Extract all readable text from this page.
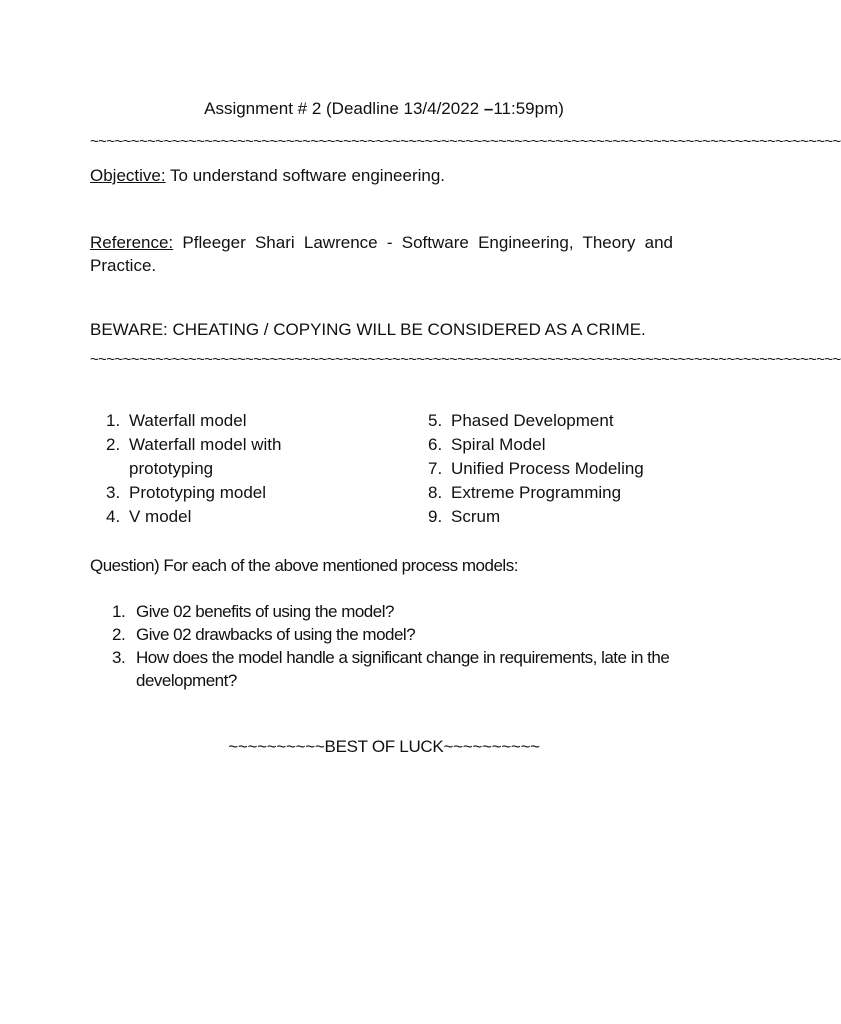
Assignment # 2 (Deadline 13/4/2022 –11:59pm)
~~~~~~~~~~~~~~~~~~~~~~~~~~~~~~~~~~~~~~~~~~~~~~~~~~~~~~~~~~~~~~~~~~~~~~~~~~~~~~~~~~~~~~~~~~~~
Objective: To understand software engineering.
Reference: Pfleeger Shari Lawrence - Software Engineering, Theory and Practice.
BEWARE: CHEATING / COPYING WILL BE CONSIDERED AS A CRIME.
~~~~~~~~~~~~~~~~~~~~~~~~~~~~~~~~~~~~~~~~~~~~~~~~~~~~~~~~~~~~~~~~~~~~~~~~~~~~~~~~~~~~~~~~~~~~
1. Waterfall model
2. Waterfall model with prototyping
3. Prototyping model
4. V model
5. Phased Development
6. Spiral Model
7. Unified Process Modeling
8. Extreme Programming
9. Scrum
Question) For each of the above mentioned process models:
1. Give 02 benefits of using the model?
2. Give 02 drawbacks of using the model?
3. How does the model handle a significant change in requirements, late in the development?
~~~~~~~~~~BEST OF LUCK~~~~~~~~~~
